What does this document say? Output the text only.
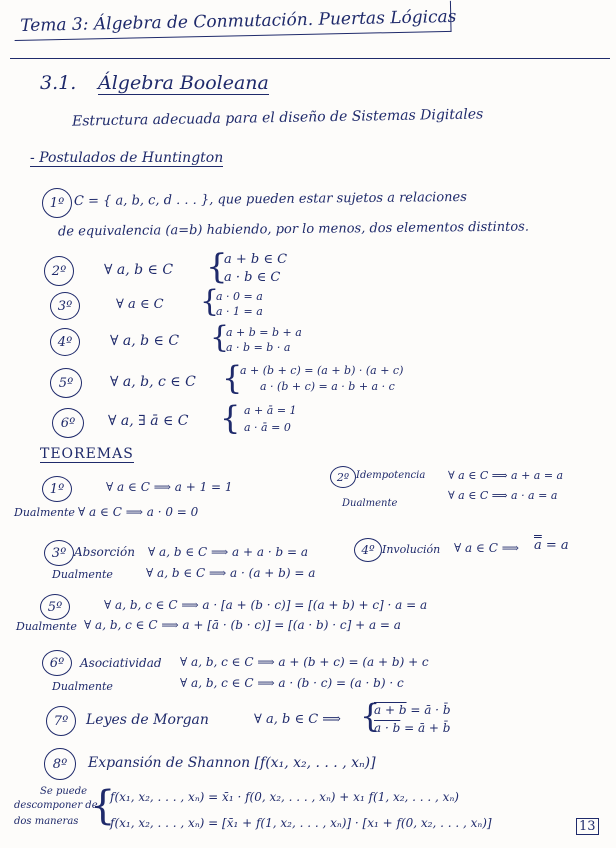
Tema 3: Álgebra de Conmutación. Puertas Lógicas
3.1. Álgebra Booleana
Estructura adecuada para el diseño de Sistemas Digitales
- Postulados de Huntington
1º C = { a, b, c, d . . . }, que pueden estar sujetos a relaciones
de equivalencia (a=b) habiendo, por lo menos, dos elementos distintos.
2º	∀ a, b ∈ C {
a + b ∈ C
a · b ∈ C
3º	∀ a ∈ C {
a · 0 = a
a · 1 = a
4º	∀ a, b ∈ C {
a + b = b + a
a · b = b · a
5º	∀ a, b, c ∈ C {
a + (b + c) = (a + b) · (a + c)
a · (b + c) = a · b + a · c
6º ∀ a, ∃ ā ∈ C { a + ā = 1
a · ā = 0
TEOREMAS
1º	∀ a ∈ C ⟹ a + 1 = 1
Dualmente ∀ a ∈ C ⟹ a · 0 = 0
2º Idempotencia ∀ a ∈ C ⟹ a + a = a
Dualmente
∀ a ∈ C ⟹ a · a = a
3º Absorción ∀ a, b ∈ C ⟹ a + a · b = a
Dualmente	∀ a, b ∈ C ⟹ a · (a + b) = a
4º Involución ∀ a ∈ C ⟹ a = a
5º	∀ a, b, c ∈ C ⟹ a · [a + (b · c)] = [(a + b) + c] · a = a
Dualmente ∀ a, b, c ∈ C ⟹ a + [ā · (b · c)] = [(a · b) · c] + a = a
6º Asociatividad ∀ a, b, c ∈ C ⟹ a + (b + c) = (a + b) + c
Dualmente	∀ a, b, c ∈ C ⟹ a · (b · c) = (a · b) · c
7º Leyes de Morgan	∀ a, b ∈ C ⟹ {
a + b = ā · b̄
a · b = ā + b̄
8º Expansión de Shannon [f(x₁, x₂, . . . , xₙ)]
Se puede
descomponer de
dos maneras {
f(x₁, x₂, . . . , xₙ) = x̄₁ · f(0, x₂, . . . , xₙ) + x₁ f(1, x₂, . . . , xₙ)
f(x₁, x₂, . . . , xₙ) = [x̄₁ + f(1, x₂, . . . , xₙ)] · [x₁ + f(0, x₂, . . . , xₙ)]	13
